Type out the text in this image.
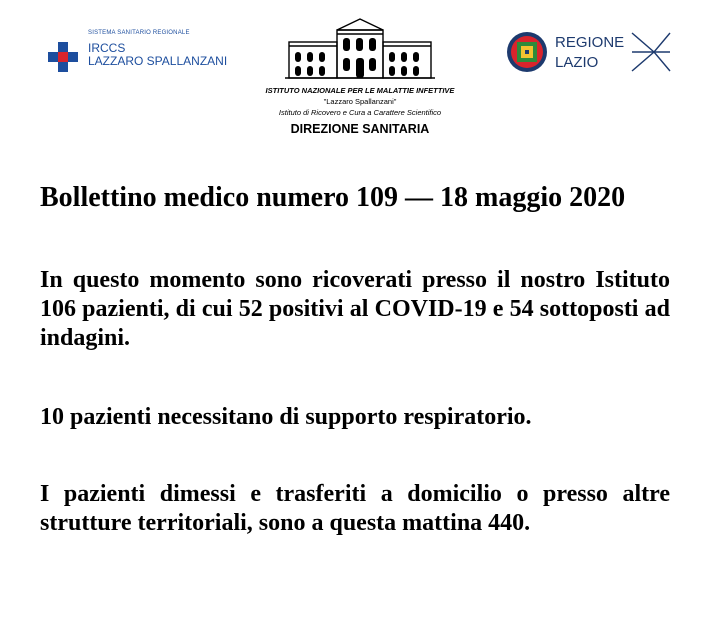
SISTEMA SANITARIO REGIONALE
IRCCS
LAZZARO SPALLANZANI
ISTITUTO NAZIONALE PER LE MALATTIE INFETTIVE
"Lazzaro Spallanzani"
Istituto di Ricovero e Cura a Carattere Scientifico
DIREZIONE SANITARIA
REGIONE
LAZIO
Bollettino medico numero 109 — 18 maggio 2020
In questo momento sono ricoverati presso il nostro Istituto 106 pazienti, di cui 52 positivi al COVID-19 e 54 sottoposti ad indagini.
10 pazienti necessitano di supporto respiratorio.
I pazienti dimessi e trasferiti a domicilio o presso altre strutture territoriali, sono a questa mattina 440.
